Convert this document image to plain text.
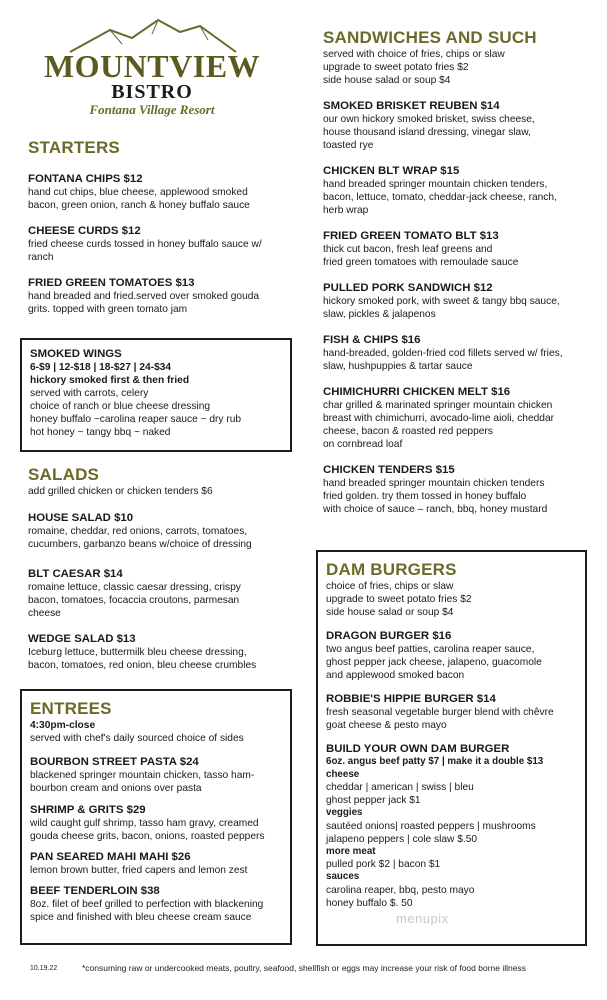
MOUNTVIEW
BISTRO
Fontana Village Resort
STARTERS
FONTANA CHIPS $12
hand cut chips, blue cheese, applewood smoked
bacon, green onion, ranch & honey buffalo sauce
CHEESE CURDS $12
fried cheese curds tossed in honey buffalo sauce w/
ranch
FRIED GREEN TOMATOES $13
hand breaded and fried.served over smoked gouda
grits. topped with green tomato jam
SMOKED WINGS
6-$9 | 12-$18 | 18-$27 | 24-$34
hickory smoked first & then fried
served with carrots, celery
choice of ranch or blue cheese dressing
honey buffalo ~carolina reaper sauce ~ dry rub
hot honey ~ tangy bbq ~ naked
SALADS
add grilled chicken or chicken tenders $6
HOUSE SALAD $10
romaine, cheddar, red onions, carrots, tomatoes,
cucumbers, garbanzo beans w/choice of dressing
BLT CAESAR $14
romaine lettuce, classic caesar dressing, crispy
bacon, tomatoes, focaccia croutons, parmesan
cheese
WEDGE SALAD $13
Iceburg lettuce, buttermilk bleu cheese dressing,
bacon, tomatoes, red onion, bleu cheese crumbles
ENTREES
4:30pm-close
served with chef's daily sourced choice of sides
BOURBON STREET PASTA $24
blackened springer mountain chicken, tasso ham-
bourbon cream and onions over pasta
SHRIMP & GRITS $29
wild caught gulf shrimp, tasso ham gravy, creamed
gouda cheese grits, bacon, onions, roasted peppers
PAN SEARED MAHI MAHI $26
lemon brown butter, fried capers and lemon zest
BEEF TENDERLOIN $38
8oz. filet of beef grilled to perfection with blackening
spice and finished with bleu cheese cream sauce
SANDWICHES AND SUCH
served with choice of fries, chips or slaw
upgrade to sweet potato fries $2
side house salad or soup $4
SMOKED BRISKET REUBEN $14
our own hickory smoked brisket, swiss cheese,
house thousand island dressing, vinegar slaw,
toasted rye
CHICKEN BLT WRAP $15
hand breaded springer mountain chicken tenders,
bacon, lettuce, tomato, cheddar-jack cheese, ranch,
herb wrap
FRIED GREEN TOMATO BLT $13
thick cut bacon, fresh leaf greens and
fried green tomatoes with remoulade sauce
PULLED PORK SANDWICH $12
hickory smoked pork, with sweet & tangy bbq sauce,
slaw, pickles & jalapenos
FISH & CHIPS $16
hand-breaded, golden-fried cod fillets served w/ fries,
slaw, hushpuppies & tartar sauce
CHIMICHURRI CHICKEN MELT $16
char grilled & marinated springer mountain chicken
breast with chimichurri, avocado-lime aioli, cheddar
cheese, bacon & roasted red peppers
on cornbread loaf
CHICKEN TENDERS $15
hand breaded springer mountain chicken tenders
fried golden. try them tossed in honey buffalo
with choice of sauce – ranch, bbq, honey mustard
DAM BURGERS
choice of fries, chips or slaw
upgrade to sweet potato fries $2
side house salad or soup $4
DRAGON BURGER $16
two angus beef patties, carolina reaper sauce,
ghost pepper jack cheese, jalapeno, guacomole
and applewood smoked bacon
ROBBIE'S HIPPIE BURGER $14
fresh seasonal vegetable burger blend with chêvre
goat cheese & pesto mayo
BUILD YOUR OWN DAM BURGER
6oz. angus beef patty $7 | make it a double $13
cheese
cheddar | american | swiss | bleu
ghost pepper jack $1
veggies
sautéed onions| roasted peppers | mushrooms
jalapeno peppers | cole slaw $.50
more meat
pulled pork $2 | bacon $1
sauces
carolina reaper, bbq, pesto mayo
honey buffalo $. 50
menupix
10.19.22	*consuming raw or undercooked meats, poultry, seafood, shellfish or eggs may increase your risk of food borne illness
